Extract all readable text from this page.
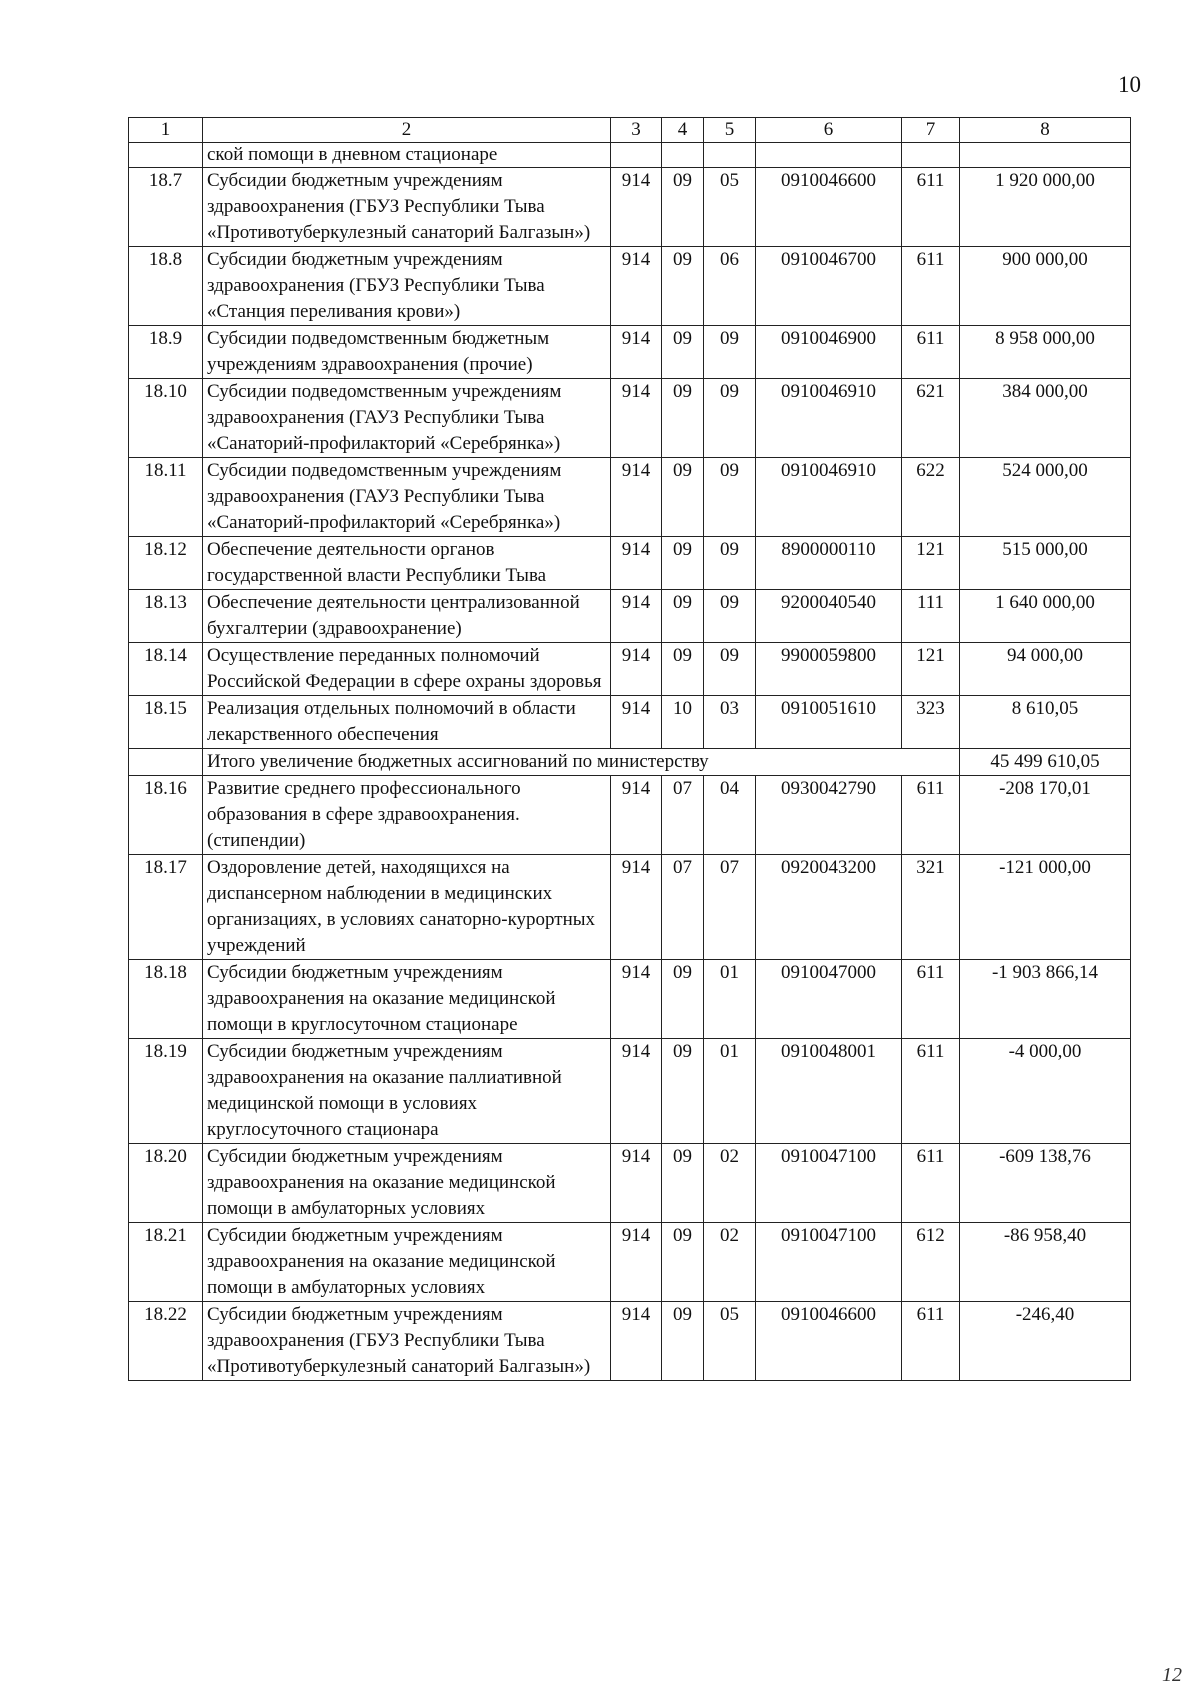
10
1	2	3	4	5	6	7	8
	ской помощи в дневном стационаре						
18.7	Субсидии бюджетным учреждениям здравоохранения (ГБУЗ Республики Тыва «Противотуберкулезный санаторий Балгазын»)	914	09	05	0910046600	611	1 920 000,00
18.8	Субсидии бюджетным учреждениям здравоохранения (ГБУЗ Республики Тыва «Станция переливания крови»)	914	09	06	0910046700	611	900 000,00
18.9	Субсидии подведомственным бюджетным учреждениям здравоохранения (прочие)	914	09	09	0910046900	611	8 958 000,00
18.10	Субсидии подведомственным учреждениям здравоохранения (ГАУЗ Республики Тыва «Санаторий-профилакторий «Серебрянка»)	914	09	09	0910046910	621	384 000,00
18.11	Субсидии подведомственным учреждениям здравоохранения (ГАУЗ Республики Тыва «Санаторий-профилакторий «Серебрянка»)	914	09	09	0910046910	622	524 000,00
18.12	Обеспечение деятельности органов государственной власти Республики Тыва	914	09	09	8900000110	121	515 000,00
18.13	Обеспечение деятельности централизованной бухгалтерии (здравоохранение)	914	09	09	9200040540	111	1 640 000,00
18.14	Осуществление переданных полномочий Российской Федерации в сфере охраны здоровья	914	09	09	9900059800	121	94 000,00
18.15	Реализация отдельных полномочий в области лекарственного обеспечения	914	10	03	0910051610	323	8 610,05
	Итого увеличение бюджетных ассигнований по министерству						45 499 610,05
18.16	Развитие среднего профессионального образования в сфере здравоохранения. (стипендии)	914	07	04	0930042790	611	-208 170,01
18.17	Оздоровление детей, находящихся на диспансерном наблюдении в медицинских организациях, в условиях санаторно-курортных учреждений	914	07	07	0920043200	321	-121 000,00
18.18	Субсидии бюджетным учреждениям здравоохранения на оказание медицинской помощи в круглосуточном стационаре	914	09	01	0910047000	611	-1 903 866,14
18.19	Субсидии бюджетным учреждениям здравоохранения на оказание паллиативной медицинской помощи в условиях круглосуточного стационара	914	09	01	0910048001	611	-4 000,00
18.20	Субсидии бюджетным учреждениям здравоохранения на оказание медицинской помощи в амбулаторных условиях	914	09	02	0910047100	611	-609 138,76
18.21	Субсидии бюджетным учреждениям здравоохранения на оказание медицинской помощи в амбулаторных условиях	914	09	02	0910047100	612	-86 958,40
18.22	Субсидии бюджетным учреждениям здравоохранения (ГБУЗ Республики Тыва «Противотуберкулезный санаторий Балгазын»)	914	09	05	0910046600	611	-246,40
12
